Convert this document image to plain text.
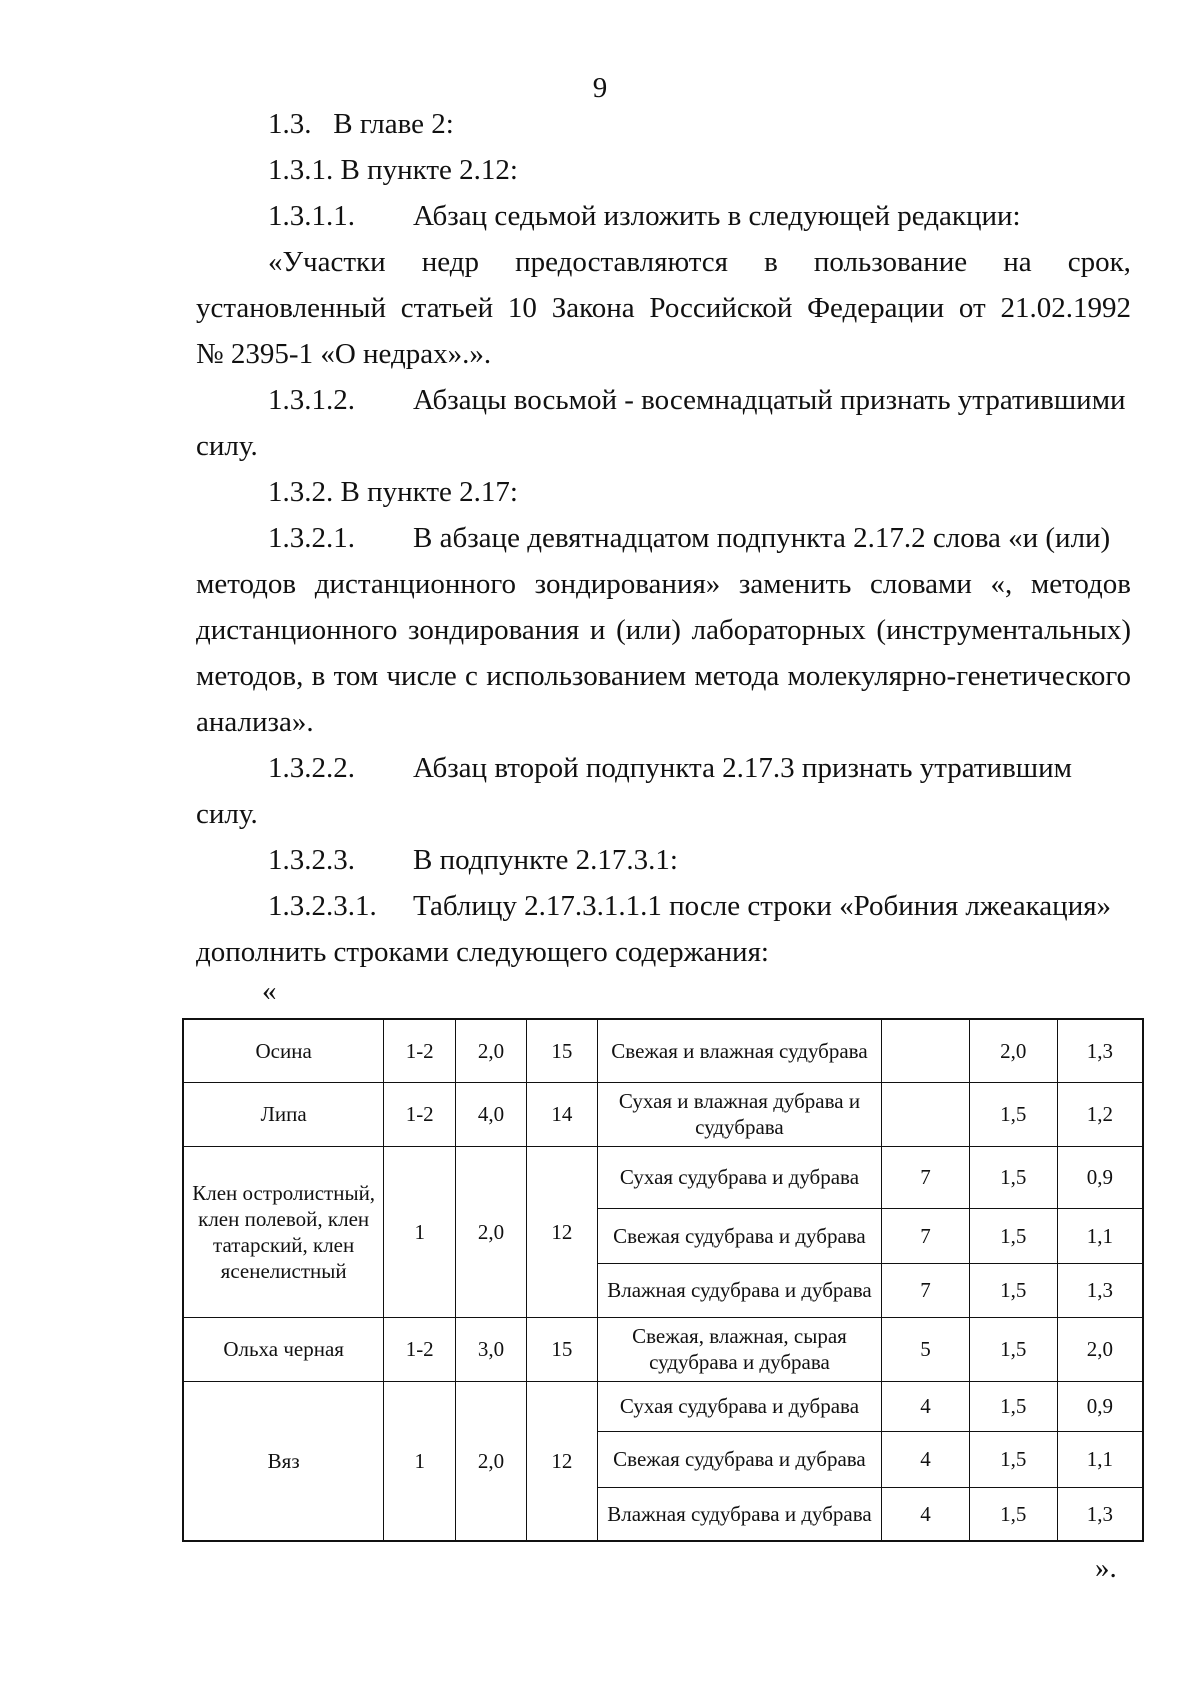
9
1.3. В главе 2:
1.3.1. В пункте 2.12:
1.3.1.1. Абзац седьмой изложить в следующей редакции:
«Участки недр предоставляются в пользование на срок,
установленный статьей 10 Закона Российской Федерации от 21.02.1992
№ 2395-1 «О недрах».».
1.3.1.2. Абзацы восьмой - восемнадцатый признать утратившими
силу.
1.3.2. В пункте 2.17:
1.3.2.1. В абзаце девятнадцатом подпункта 2.17.2 слова «и (или)
методов дистанционного зондирования» заменить словами «, методов
дистанционного зондирования и (или) лабораторных (инструментальных)
методов, в том числе с использованием метода молекулярно-генетического
анализа».
1.3.2.2. Абзац второй подпункта 2.17.3 признать утратившим
силу.
1.3.2.3. В подпункте 2.17.3.1:
1.3.2.3.1. Таблицу 2.17.3.1.1.1 после строки «Робиния лжеакация»
дополнить строками следующего содержания:
«
Осина	1-2	2,0	15	Свежая и влажная судубрава		2,0	1,3
Липа	1-2	4,0	14	Сухая и влажная дубрава и судубрава		1,5	1,2
Клен остролистный, клен полевой, клен татарский, клен ясенелистный	1	2,0	12	Сухая судубрава и дубрава	7	1,5	0,9
				Свежая судубрава и дубрава	7	1,5	1,1
				Влажная судубрава и дубрава	7	1,5	1,3
Ольха черная	1-2	3,0	15	Свежая, влажная, сырая судубрава и дубрава	5	1,5	2,0
Вяз	1	2,0	12	Сухая судубрава и дубрава	4	1,5	0,9
				Свежая судубрава и дубрава	4	1,5	1,1
				Влажная судубрава и дубрава	4	1,5	1,3
».
